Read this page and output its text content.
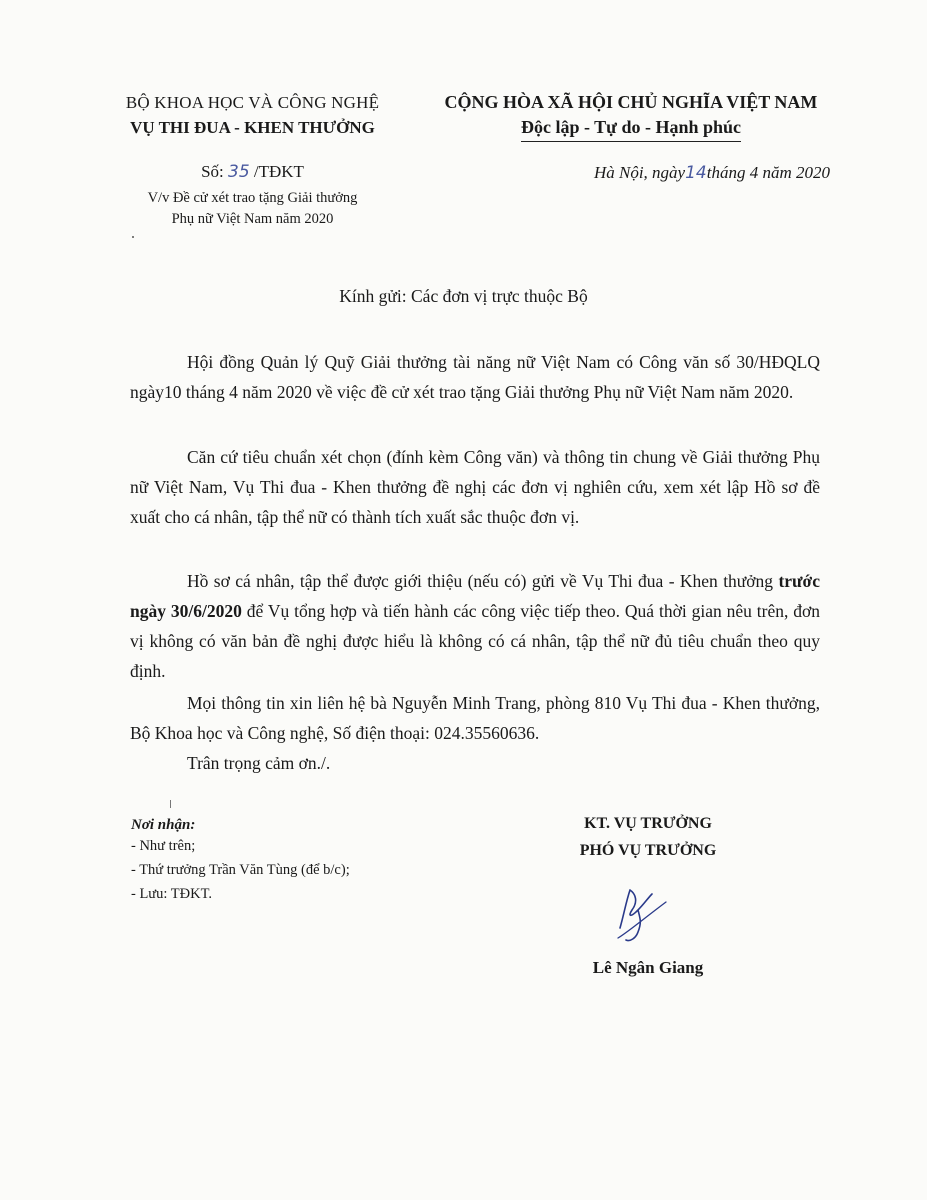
BỘ KHOA HỌC VÀ CÔNG NGHỆ
VỤ THI ĐUA - KHEN THƯỞNG
CỘNG HÒA XÃ HỘI CHỦ NGHĨA VIỆT NAM
Độc lập - Tự do - Hạnh phúc
Số: 35 /TĐKT
V/v Đề cử xét trao tặng Giải thưởng
Phụ nữ Việt Nam năm 2020
Hà Nội, ngày14tháng 4 năm 2020
Kính gửi: Các đơn vị trực thuộc Bộ

Hội đồng Quản lý Quỹ Giải thưởng tài năng nữ Việt Nam có Công văn số 30/HĐQLQ ngày10 tháng 4 năm 2020 về việc đề cử xét trao tặng Giải thưởng Phụ nữ Việt Nam năm 2020.

Căn cứ tiêu chuẩn xét chọn (đính kèm Công văn) và thông tin chung về Giải thưởng Phụ nữ Việt Nam, Vụ Thi đua - Khen thưởng đề nghị các đơn vị nghiên cứu, xem xét lập Hồ sơ đề xuất cho cá nhân, tập thể nữ có thành tích xuất sắc thuộc đơn vị.

Hồ sơ cá nhân, tập thể được giới thiệu (nếu có) gửi về Vụ Thi đua - Khen thưởng trước ngày 30/6/2020 để Vụ tổng hợp và tiến hành các công việc tiếp theo. Quá thời gian nêu trên, đơn vị không có văn bản đề nghị được hiểu là không có cá nhân, tập thể nữ đủ tiêu chuẩn theo quy định.

Mọi thông tin xin liên hệ bà Nguyễn Minh Trang, phòng 810 Vụ Thi đua - Khen thưởng, Bộ Khoa học và Công nghệ, Số điện thoại: 024.35560636.

Trân trọng cảm ơn./.

Nơi nhận:
- Như trên;
- Thứ trưởng Trần Văn Tùng (để b/c);
- Lưu: TĐKT.
KT. VỤ TRƯỞNG
PHÓ VỤ TRƯỞNG
Lê Ngân Giang
